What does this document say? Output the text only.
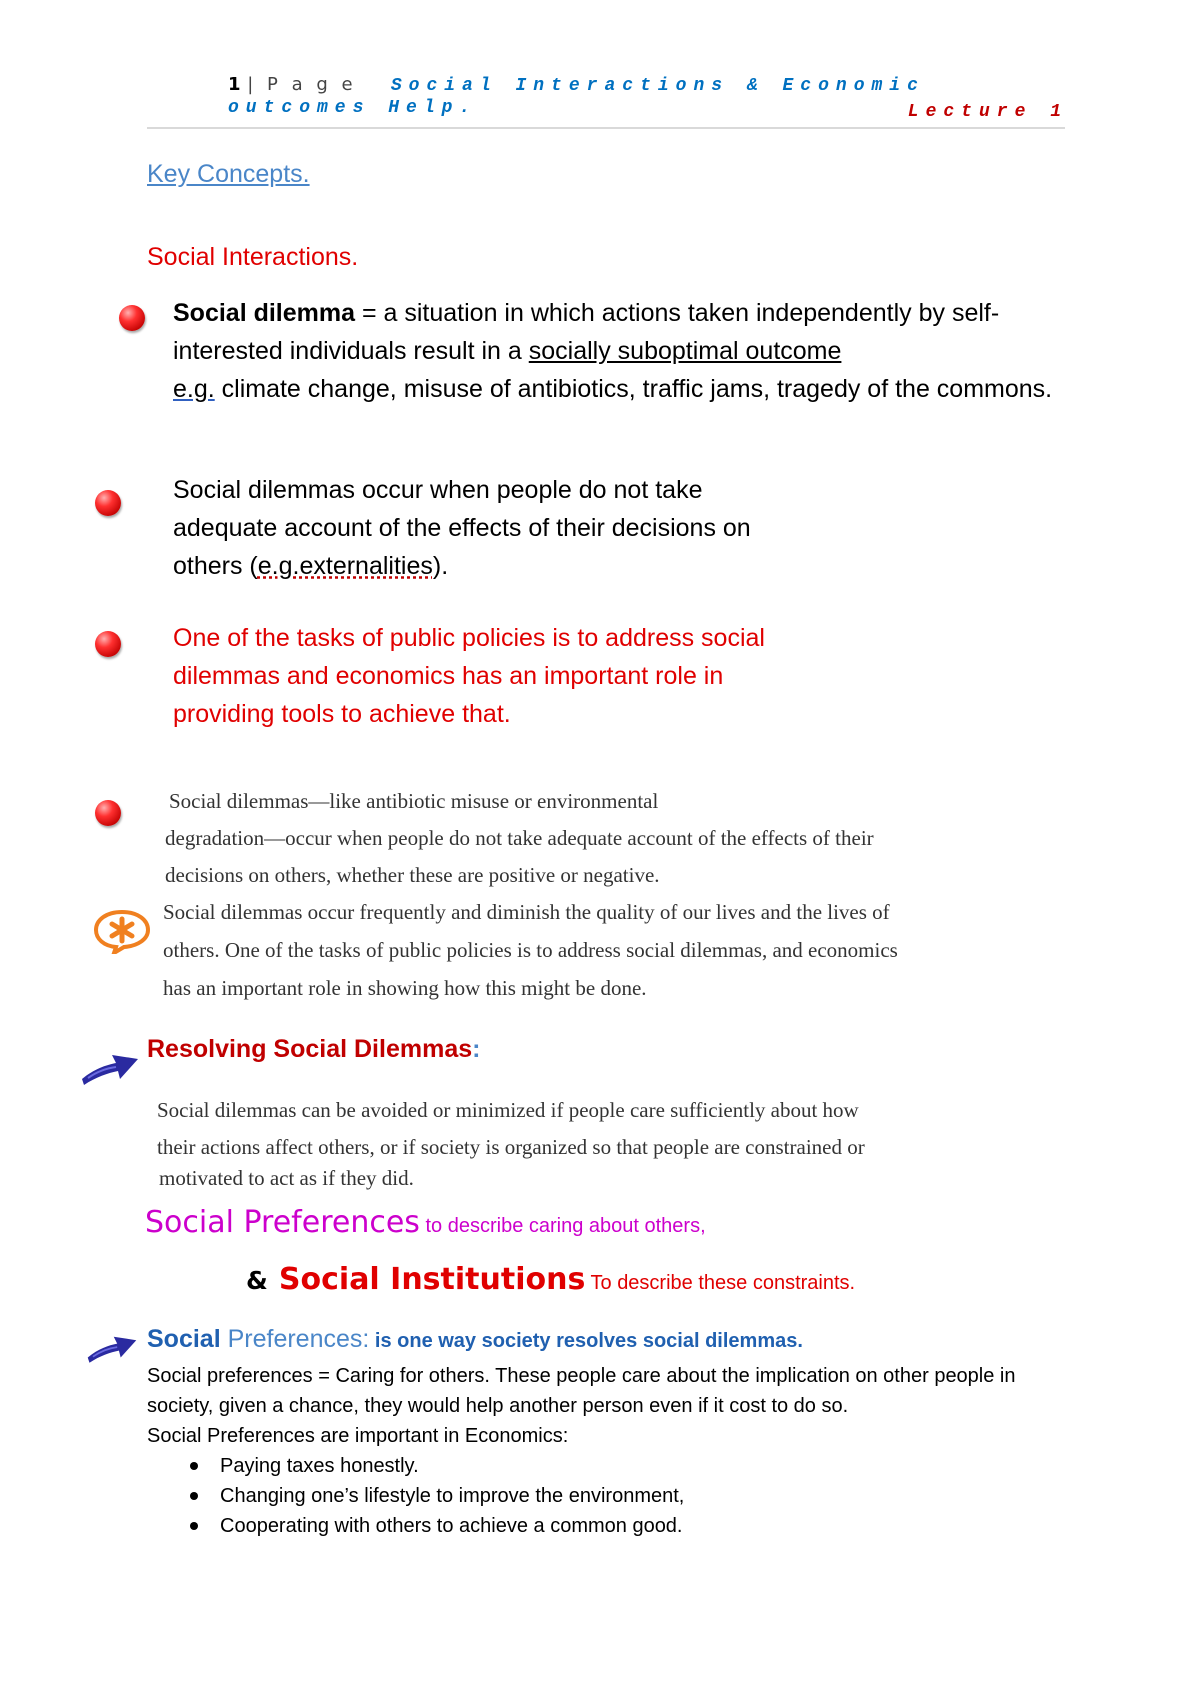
1 | P a g e Social Interactions & Economic outcomes Help.	Lecture 1
Key Concepts.
Social Interactions.
Social dilemma = a situation in which actions taken independently by self-interested individuals result in a socially suboptimal outcome
e.g. climate change, misuse of antibiotics, traffic jams, tragedy of the commons.
Social dilemmas occur when people do not take adequate account of the effects of their decisions on others (e.g.externalities).
One of the tasks of public policies is to address social dilemmas and economics has an important role in providing tools to achieve that.
Social dilemmas—like antibiotic misuse or environmental
degradation—occur when people do not take adequate account of the effects of their
decisions on others, whether these are positive or negative.
Social dilemmas occur frequently and diminish the quality of our lives and the lives of
others. One of the tasks of public policies is to address social dilemmas, and economics
has an important role in showing how this might be done.
Resolving Social Dilemmas:
Social dilemmas can be avoided or minimized if people care sufficiently about how
their actions affect others, or if society is organized so that people are constrained or
motivated to act as if they did.
Social Preferences to describe caring about others,
& Social Institutions To describe these constraints.
Social Preferences: is one way society resolves social dilemmas.
Social preferences = Caring for others. These people care about the implication on other people in society, given a chance, they would help another person even if it cost to do so.
Social Preferences are important in Economics:
Paying taxes honestly.
Changing one’s lifestyle to improve the environment,
Cooperating with others to achieve a common good.
